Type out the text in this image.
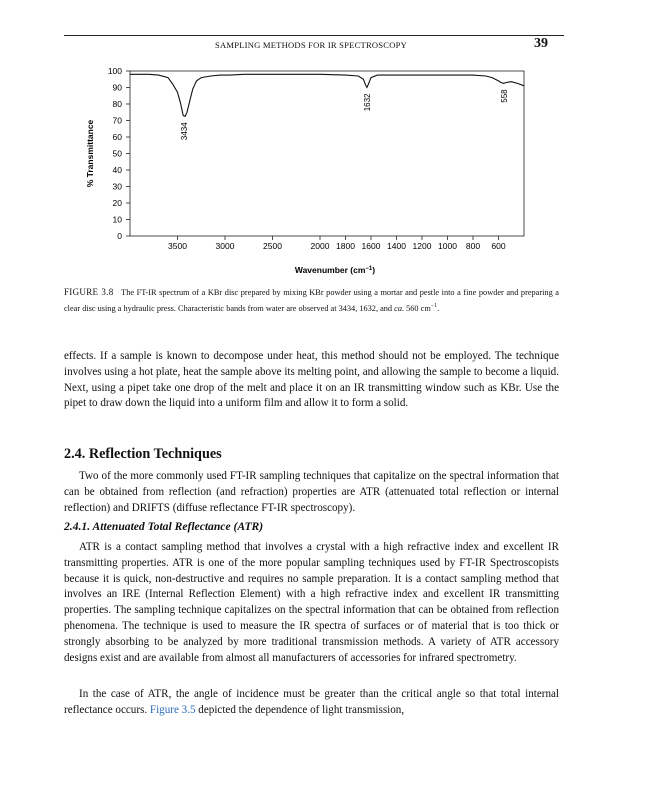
SAMPLING METHODS FOR IR SPECTROSCOPY	39
0
10
20
30
40
50
60
70
80
90
100
3500	3000	2500	2000 1800 1600 1400 1200 1000 800 600
3434
1632	558
% Transmittance
Wavenumber $(cm^{-1})$
FIGURE 3.8 The FT-IR spectrum of a KBr disc prepared by mixing KBr powder using a mortar and pestle into a fine powder and preparing a clear disc using a hydraulic press. Characteristic bands from water are observed at 3434, 1632, and ca. 560 $cm^{-1}$.
effects. If a sample is known to decompose under heat, this method should not be employed. The technique involves using a hot plate, heat the sample above its melting point, and allowing the sample to become a liquid. Next, using a pipet take one drop of the melt and place it on an IR transmitting window such as KBr. Use the pipet to draw down the liquid into a uniform film and allow it to form a solid.
2.4. Reflection Techniques
Two of the more commonly used FT-IR sampling techniques that capitalize on the spectral information that can be obtained from reflection (and refraction) properties are ATR (attenuated total reflection or internal reflection) and DRIFTS (diffuse reflectance FT-IR spectroscopy).
2.4.1. Attenuated Total Reflectance (ATR)
ATR is a contact sampling method that involves a crystal with a high refractive index and excellent IR transmitting properties. ATR is one of the more popular sampling techniques used by FT-IR Spectroscopists because it is quick, non-destructive and requires no sample preparation. It is a contact sampling method that involves an IRE (Internal Reflection Element) with a high refractive index and excellent IR transmitting properties. The sampling technique capitalizes on the spectral information that can be obtained from reflection phenomena. The technique is used to measure the IR spectra of surfaces or of material that is too thick or strongly absorbing to be analyzed by more traditional transmission methods. A variety of ATR accessory designs exist and are available from almost all manufacturers of accessories for infrared spectrometry.
In the case of ATR, the angle of incidence must be greater than the critical angle so that total internal reflectance occurs. Figure 3.5 depicted the dependence of light transmission,
